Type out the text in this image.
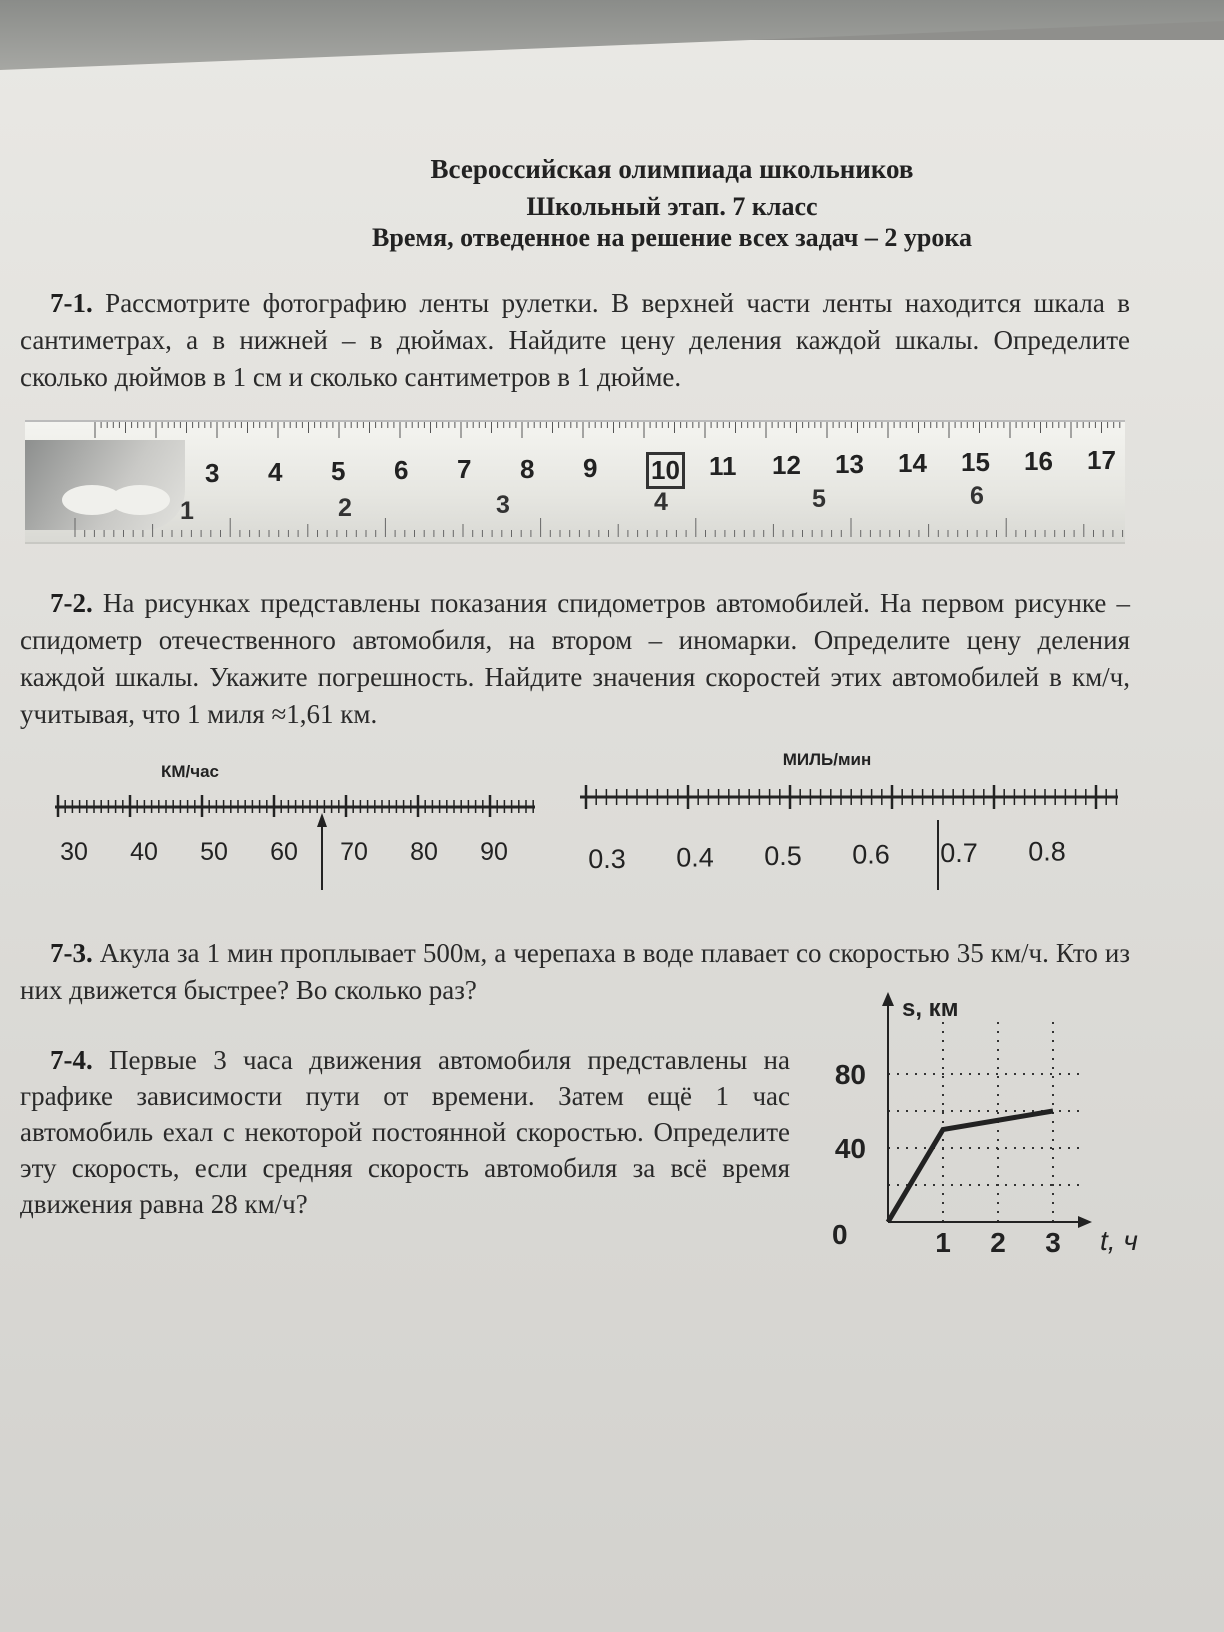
Всероссийская олимпиада школьников
Школьный этап. 7 класс
Время, отведенное на решение всех задач – 2 урока
7-1. Рассмотрите фотографию ленты рулетки. В верхней части ленты находится шкала в сантиметрах, а в нижней – в дюймах. Найдите цену деления каждой шкалы. Определите сколько дюймов в 1 см и сколько сантиметров в 1 дюйме.
3 4 5 6 7 8 9 10 11 12 13 14 15 16 17
1	2	3	4	5	6
7-2. На рисунках представлены показания спидометров автомобилей. На первом рисунке – спидометр отечественного автомобиля, на втором – иномарки. Определите цену деления каждой шкалы. Укажите погрешность. Найдите значения скоростей этих автомобилей в км/ч, учитывая, что 1 миля ≈1,61 км.
КМ/час
30 40 50 60 70 80 90
МИЛЬ/мин
0.3 0.4 0.5 0.6 0.7 0.8
7-3. Акула за 1 мин проплывает 500м, а черепаха в воде плавает со скоростью 35 км/ч. Кто из них движется быстрее? Во сколько раз?
7-4. Первые 3 часа движения автомобиля представлены на графике зависимости пути от времени. Затем ещё 1 час автомобиль ехал с некоторой постоянной скоростью. Определите эту скорость, если средняя скорость автомобиля за всё время движения равна 28 км/ч?
s, км
t, ч
0
40
80
1 2 3
